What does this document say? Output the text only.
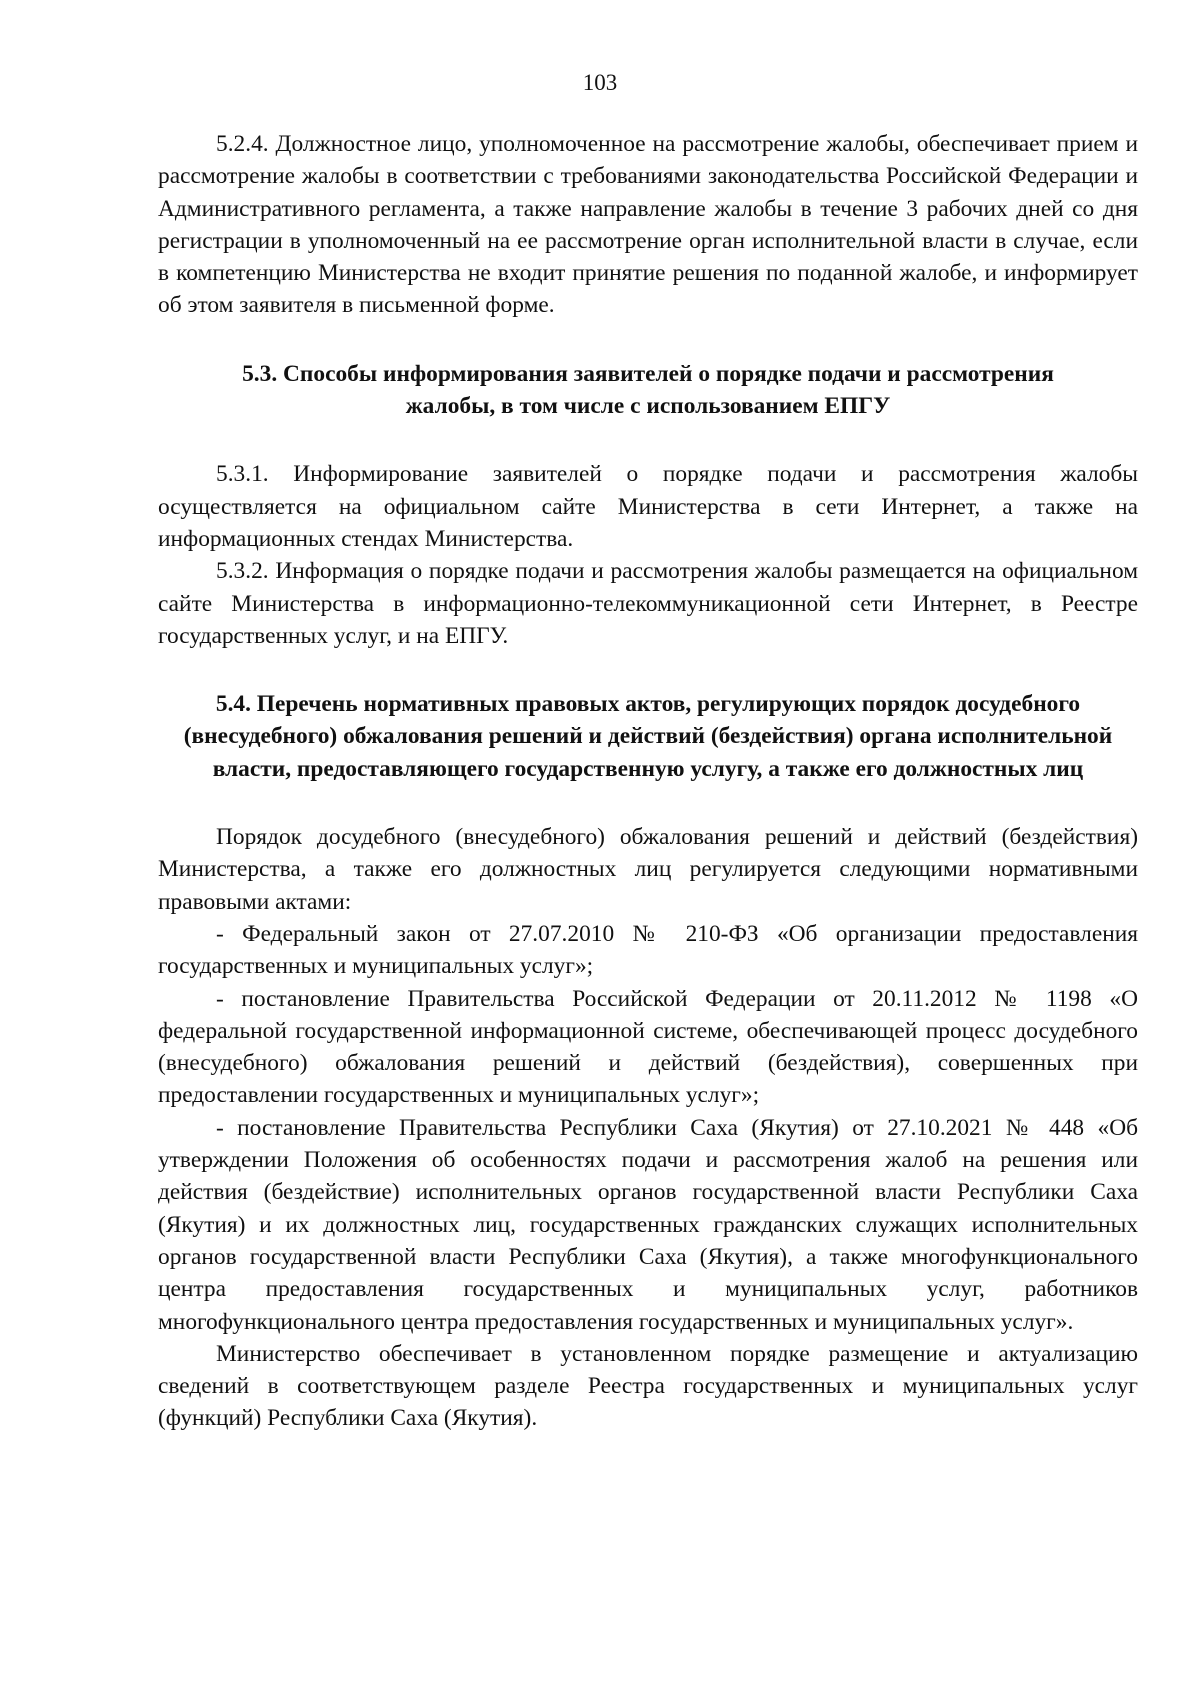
103

5.2.4. Должностное лицо, уполномоченное на рассмотрение жалобы, обеспечивает прием и рассмотрение жалобы в соответствии с требованиями законодательства Российской Федерации и Административного регламента, а также направление жалобы в течение 3 рабочих дней со дня регистрации в уполномоченный на ее рассмотрение орган исполнительной власти в случае, если в компетенцию Министерства не входит принятие решения по поданной жалобе, и информирует об этом заявителя в письменной форме.

5.3. Способы информирования заявителей о порядке подачи и рассмотрения
жалобы, в том числе с использованием ЕПГУ

5.3.1. Информирование заявителей о порядке подачи и рассмотрения жалобы осуществляется на официальном сайте Министерства в сети Интернет, а также на информационных стендах Министерства.

5.3.2. Информация о порядке подачи и рассмотрения жалобы размещается на официальном сайте Министерства в информационно-телекоммуникационной сети Интернет, в Реестре государственных услуг, и на ЕПГУ.

5.4. Перечень нормативных правовых актов, регулирующих порядок досудебного
(внесудебного) обжалования решений и действий (бездействия) органа исполнительной
власти, предоставляющего государственную услугу, а также его должностных лиц

Порядок досудебного (внесудебного) обжалования решений и действий (бездействия) Министерства, а также его должностных лиц регулируется следующими нормативными правовыми актами:

- Федеральный закон от 27.07.2010 № 210-ФЗ «Об организации предоставления государственных и муниципальных услуг»;

- постановление Правительства Российской Федерации от 20.11.2012 № 1198 «О федеральной государственной информационной системе, обеспечивающей процесс досудебного (внесудебного) обжалования решений и действий (бездействия), совершенных при предоставлении государственных и муниципальных услуг»;

- постановление Правительства Республики Саха (Якутия) от 27.10.2021 № 448 «Об утверждении Положения об особенностях подачи и рассмотрения жалоб на решения или действия (бездействие) исполнительных органов государственной власти Республики Саха (Якутия) и их должностных лиц, государственных гражданских служащих исполнительных органов государственной власти Республики Саха (Якутия), а также многофункционального центра предоставления государственных и муниципальных услуг, работников многофункционального центра предоставления государственных и муниципальных услуг».

Министерство обеспечивает в установленном порядке размещение и актуализацию сведений в соответствующем разделе Реестра государственных и муниципальных услуг (функций) Республики Саха (Якутия).
